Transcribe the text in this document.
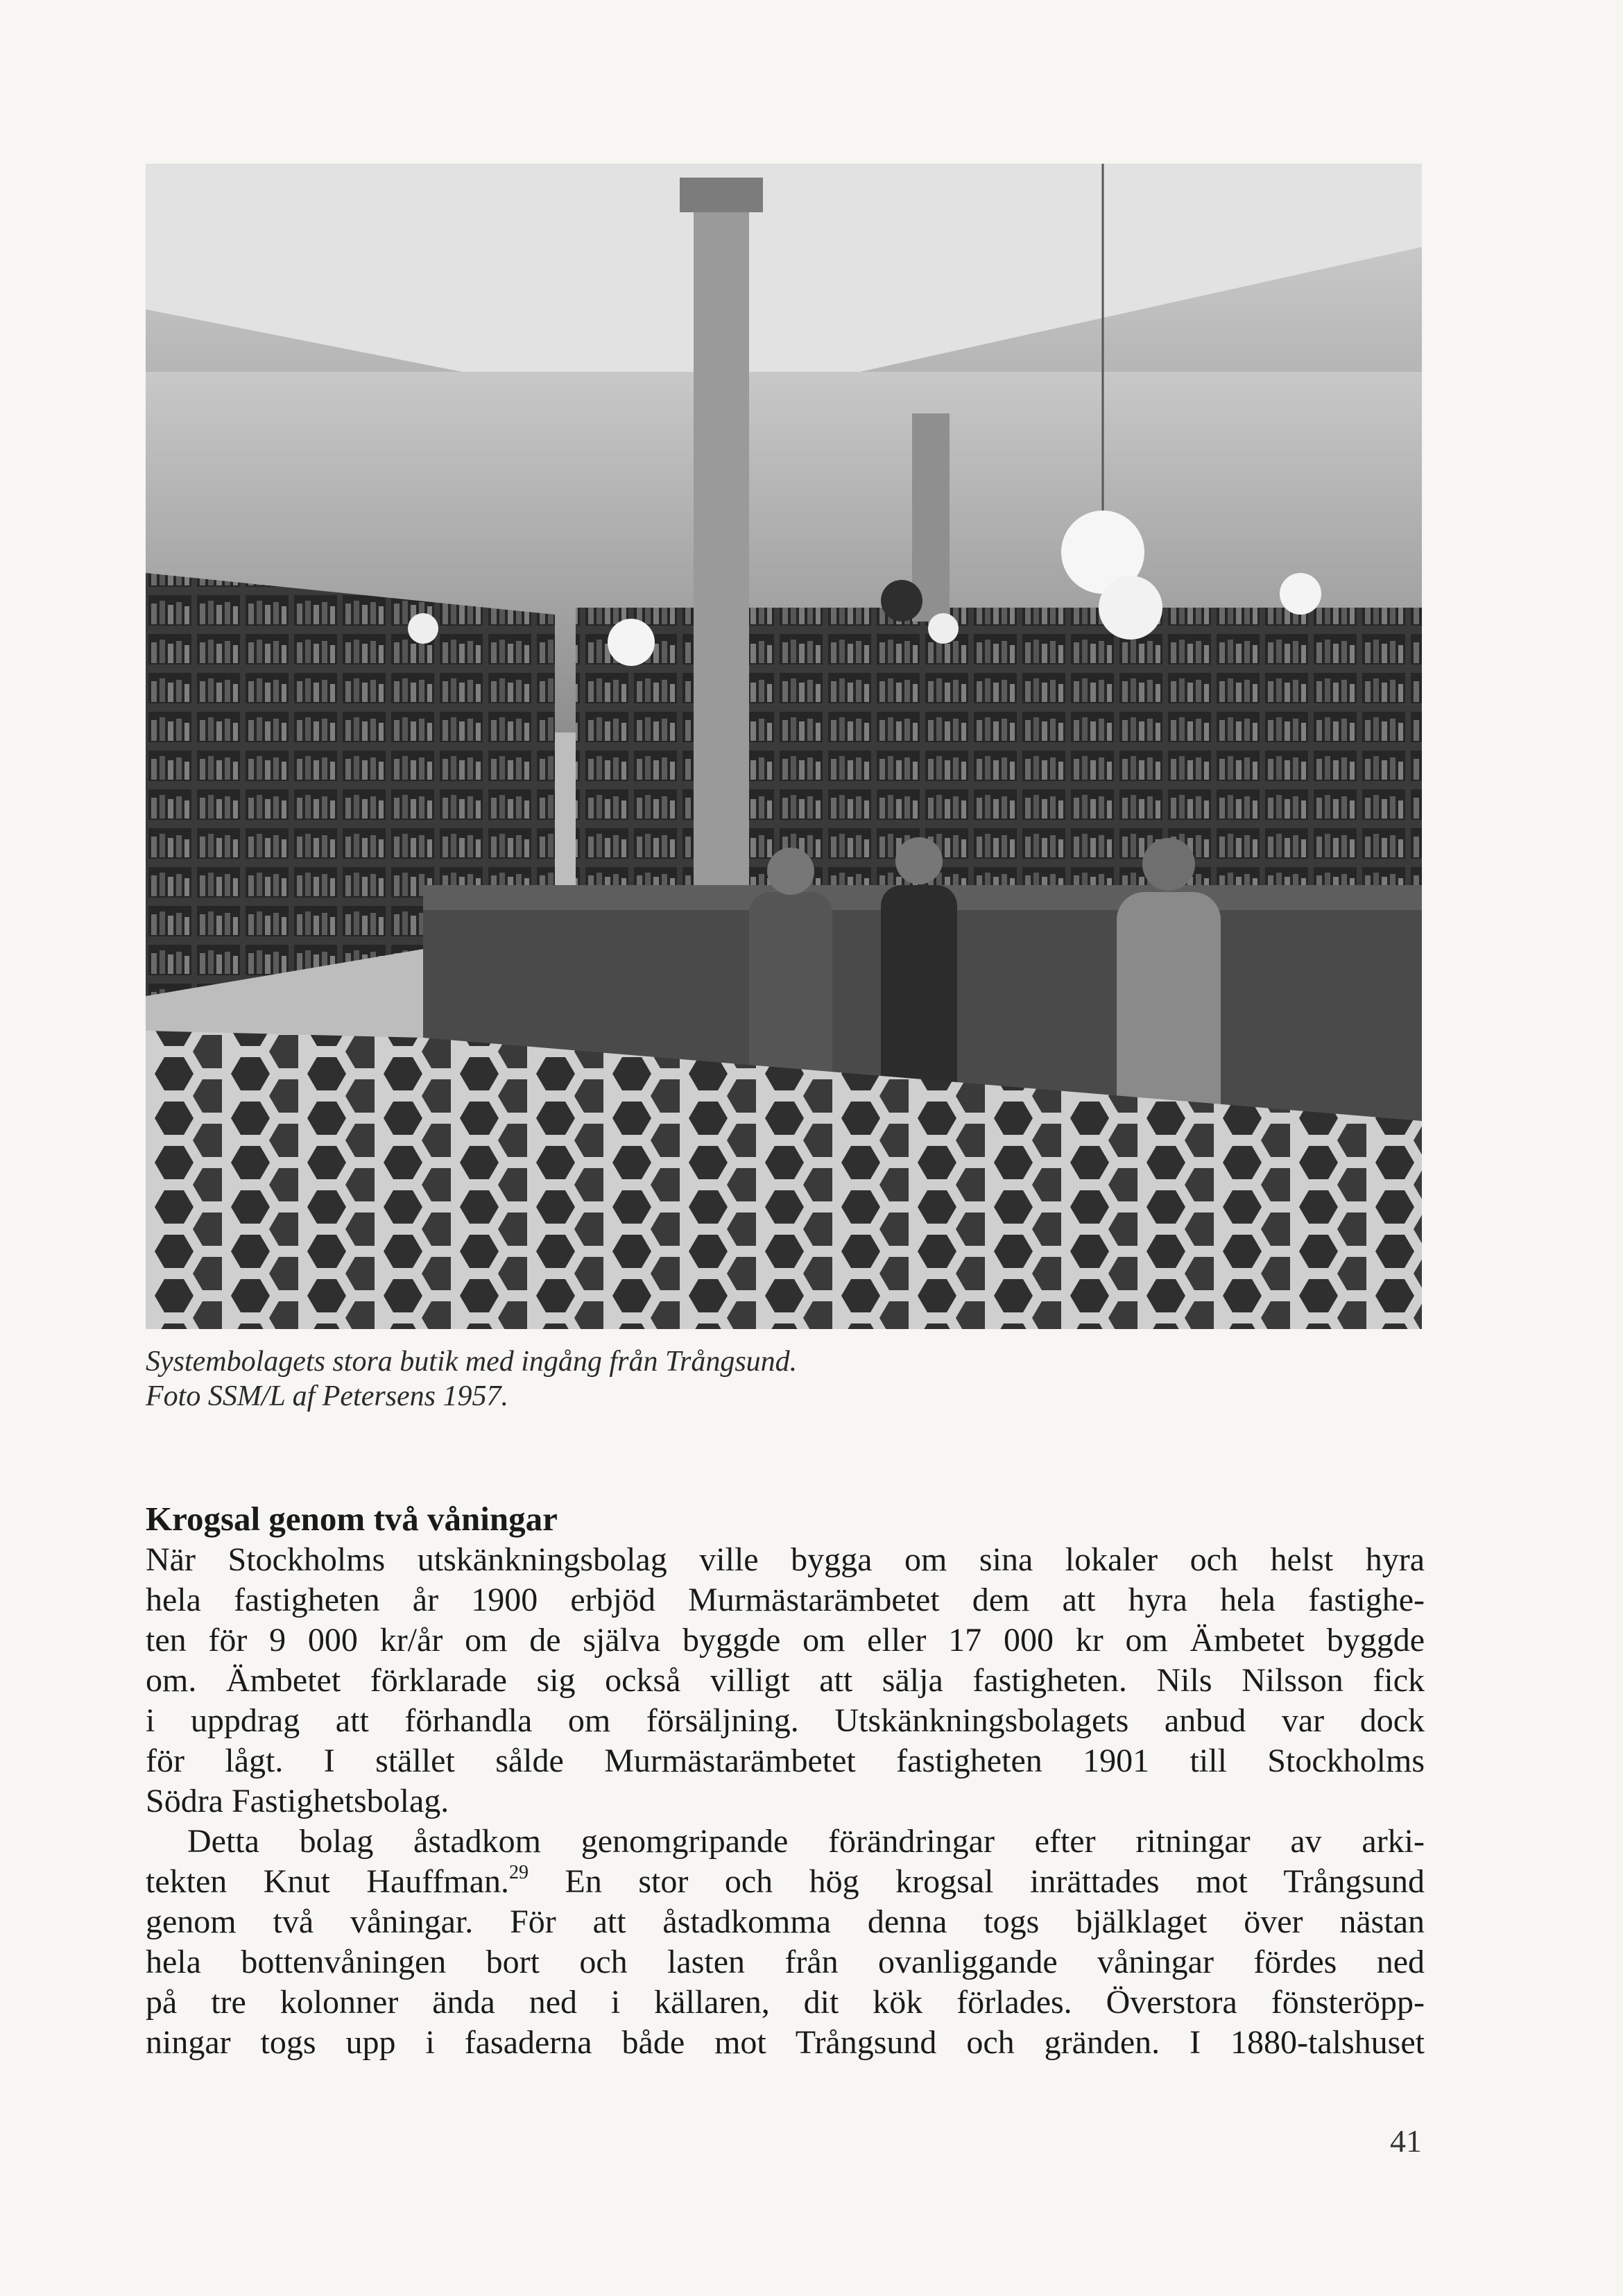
Systembolagets stora butik med ingång från Trångsund.
Foto SSM/L af Petersens 1957.
Krogsal genom två våningar
När Stockholms utskänkningsbolag ville bygga om sina lokaler och helst hyra
hela fastigheten år 1900 erbjöd Murmästarämbetet dem att hyra hela fastighe-
ten för 9 000 kr/år om de själva byggde om eller 17 000 kr om Ämbetet byggde
om. Ämbetet förklarade sig också villigt att sälja fastigheten. Nils Nilsson fick
i uppdrag att förhandla om försäljning. Utskänkningsbolagets anbud var dock
för lågt. I stället sålde Murmästarämbetet fastigheten 1901 till Stockholms
Södra Fastighetsbolag.
Detta bolag åstadkom genomgripande förändringar efter ritningar av arki-
tekten Knut Hauffman.$^{29}$ En stor och hög krogsal inrättades mot Trångsund
genom två våningar. För att åstadkomma denna togs bjälklaget över nästan
hela bottenvåningen bort och lasten från ovanliggande våningar fördes ned
på tre kolonner ända ned i källaren, dit kök förlades. Överstora fönsteröpp-
ningar togs upp i fasaderna både mot Trångsund och gränden. I 1880-talshuset
41
